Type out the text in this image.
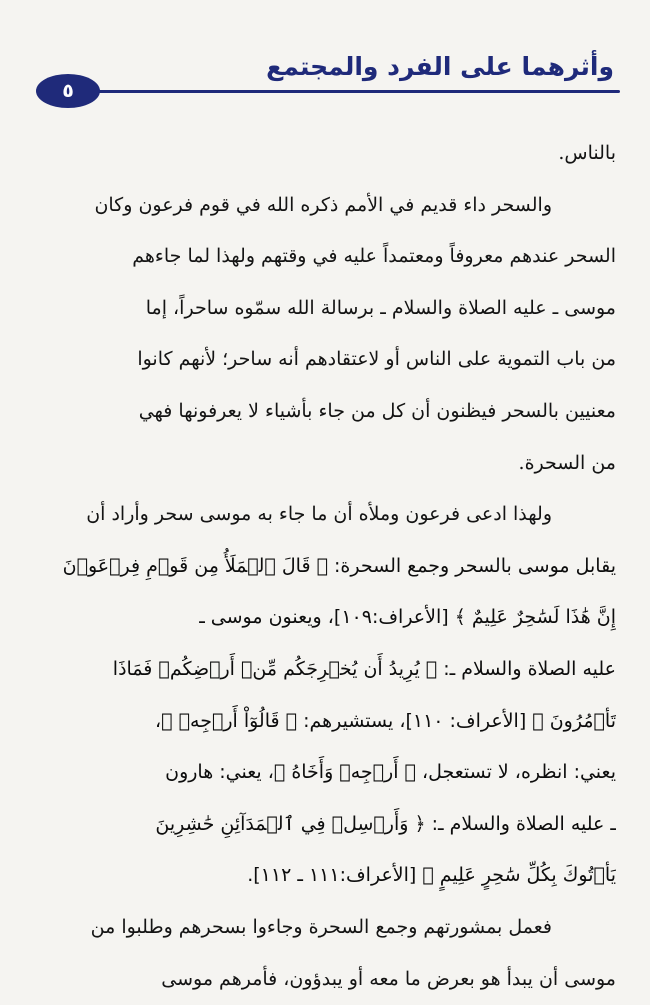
وأثرهما على الفرد والمجتمع
٥
بالناس.
والسحر داء قديم في الأمم ذكره الله في قوم فرعون وكان
السحر عندهم معروفاً ومعتمداً عليه في وقتهم ولهذا لما جاءهم
موسى ـ عليه الصلاة والسلام ـ برسالة الله سمّوه ساحراً، إما
من باب التموية على الناس أو لاعتقادهم أنه ساحر؛ لأنهم كانوا
معنيين بالسحر فيظنون أن كل من جاء بأشياء لا يعرفونها فهي
من السحرة.
ولهذا ادعى فرعون وملأه أن ما جاء به موسى سحر وأراد أن
يقابل موسى بالسحر وجمع السحرة: ﴿ قَالَ ٱلۡمَلَأُ مِن قَوۡمِ فِرۡعَوۡنَ
إِنَّ هَٰذَا لَسَٰحِرٌ عَلِيمٌ ﴾ [الأعراف:١٠٩]، ويعنون موسى ـ
عليه الصلاة والسلام ـ: ﴿ يُرِيدُ أَن يُخۡرِجَكُم مِّنۡ أَرۡضِكُمۡ فَمَاذَا
تَأۡمُرُونَ ﴾ [الأعراف: ١١٠]، يستشيرهم: ﴿ قَالُوٓاْ أَرۡجِهۡ ﴾،
يعني: انظره، لا تستعجل، ﴿ أَرۡجِهۡ وَأَخَاهُ ﴾، يعني: هارون
ـ عليه الصلاة والسلام ـ: ﴿ وَأَرۡسِلۡ فِي ٱلۡمَدَآئِنِ حَٰشِرِينَ
يَأۡتُوكَ بِكُلِّ سَٰحِرٍ عَلِيمٍ ﴾ [الأعراف:١١١ ـ ١١٢].
فعمل بمشورتهم وجمع السحرة وجاءوا بسحرهم وطلبوا من
موسى أن يبدأ هو بعرض ما معه أو يبدؤون، فأمرهم موسى
